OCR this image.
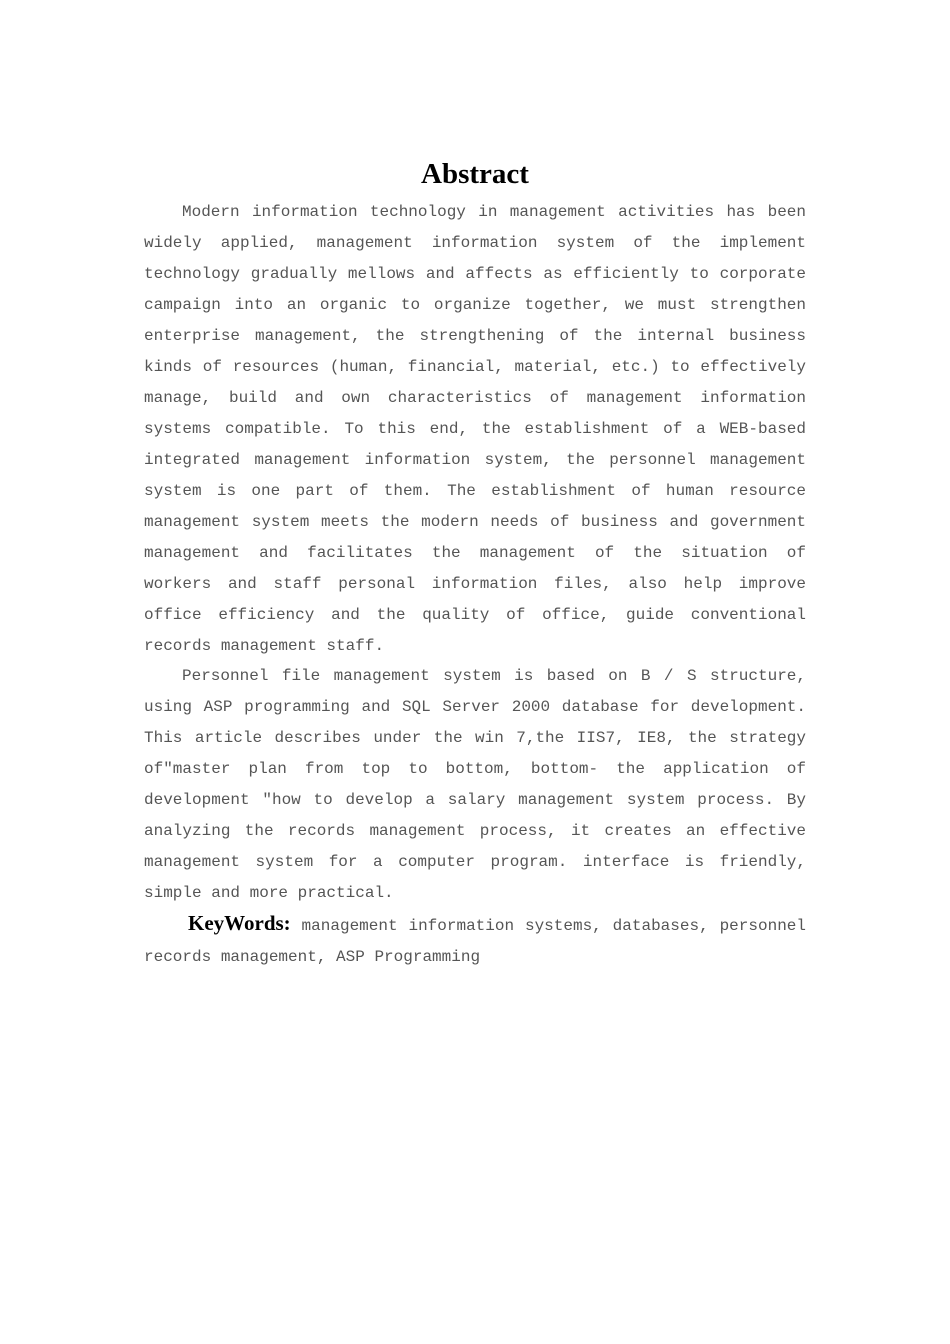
Abstract

Modern information technology in management activities has been widely applied, management information system of the implement technology gradually mellows and affects as efficiently to corporate campaign into an organic to organize together, we must strengthen enterprise management, the strengthening of the internal business kinds of resources (human, financial, material, etc.) to effectively manage, build and own characteristics of management information systems compatible. To this end, the establishment of a WEB-based integrated management information system, the personnel management system is one part of them. The establishment of human resource management system meets the modern needs of business and government management and facilitates the management of the situation of workers and staff personal information files, also help improve office efficiency and the quality of office, guide conventional records management staff.

Personnel file management system is based on B / S structure, using ASP programming and SQL Server 2000 database for development. This article describes under the win 7,the IIS7, IE8, the strategy of″master plan from top to bottom, bottom- the application of development ″how to develop a salary management system process. By analyzing the records management process, it creates an effective management system for a computer program. interface is friendly, simple and more practical.

KeyWords: management information systems, databases, personnel records management, ASP Programming
